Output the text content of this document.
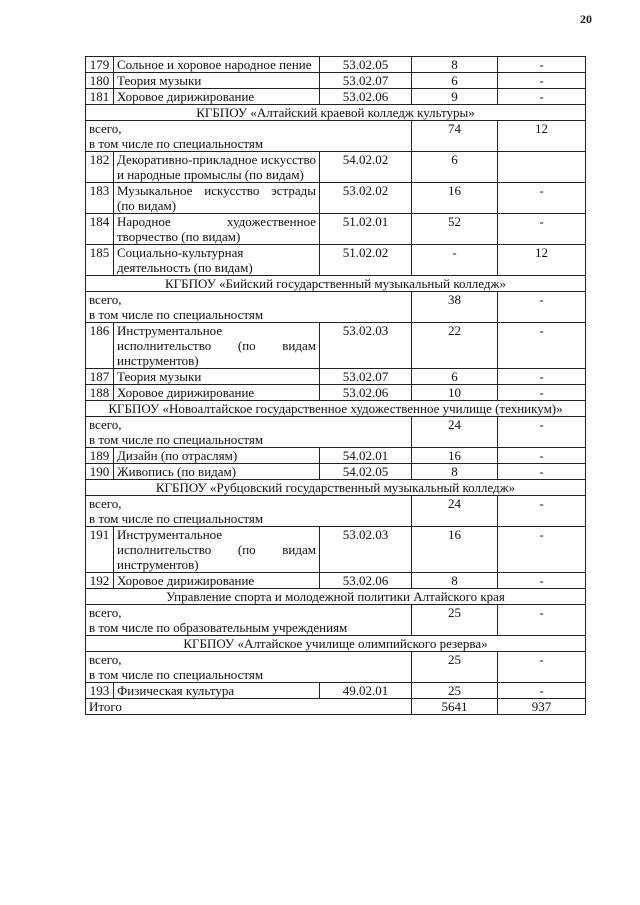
20
179	Сольное и хоровое народное пение	53.02.05	8	-
180	Теория музыки	53.02.07	6	-
181	Хоровое дирижирование	53.02.06	9	-
КГБПОУ «Алтайский краевой колледж культуры»				

всего,
в том числе по специальностям			74	12
182	Декоративно-прикладное искусство и народные промыслы (по видам)	54.02.02	6	
183	Музыкальное искусство эстрады (по видам)	53.02.02	16	-
184	Народное художественное творчество (по видам)	51.02.01	52	-
185	Социально-культурная деятельность (по видам)	51.02.02	-	12
КГБПОУ «Бийский государственный музыкальный колледж»				

всего,
в том числе по специальностям			38	-
186	Инструментальное исполнительство (по видам инструментов)	53.02.03	22	-
187	Теория музыки	53.02.07	6	-
188	Хоровое дирижирование	53.02.06	10	-
КГБПОУ «Новоалтайское государственное художественное училище (техникум)»				

всего,
в том числе по специальностям			24	-
189	Дизайн (по отраслям)	54.02.01	16	-
190	Живопись (по видам)	54.02.05	8	-
КГБПОУ «Рубцовский государственный музыкальный колледж»				

всего,
в том числе по специальностям			24	-
191	Инструментальное исполнительство (по видам инструментов)	53.02.03	16	-
192	Хоровое дирижирование	53.02.06	8	-
Управление спорта и молодежной политики Алтайского края				

всего,
в том числе по образовательным учреждениям			25	-
КГБПОУ «Алтайское училище олимпийского резерва»				

всего,
в том числе по специальностям			25	-
193	Физическая культура	49.02.01	25	-
Итого			5641	937
